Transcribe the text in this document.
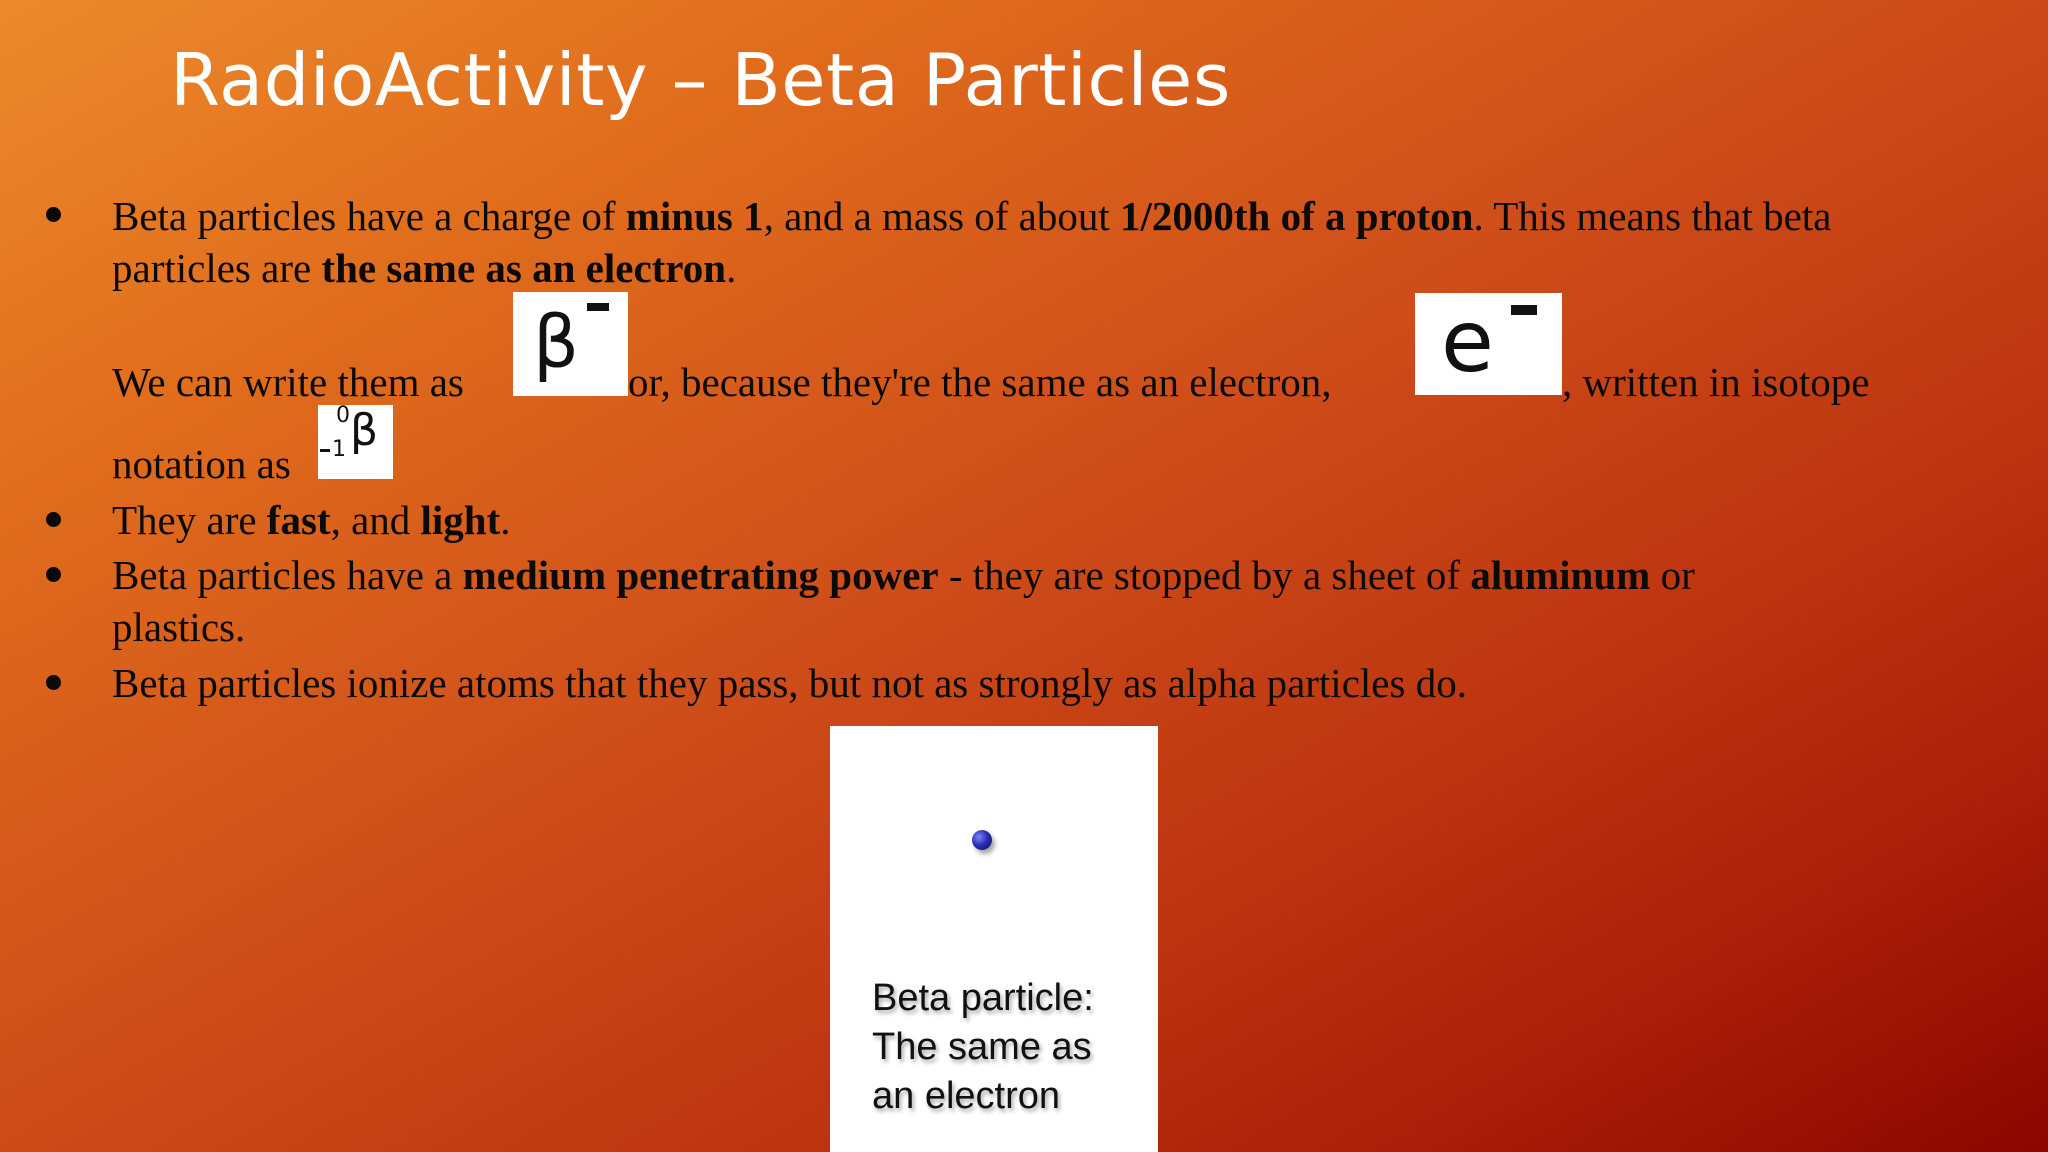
RadioActivity – Beta Particles
Beta particles have a charge of minus 1, and a mass of about 1/2000th of a proton. This means that beta
particles are the same as an electron.
We can write them as β or, because they're the same as an electron, e , written in isotope
notation as
0 β
1
They are fast, and light.
Beta particles have a medium penetrating power - they are stopped by a sheet of aluminum or
plastics.
Beta particles ionize atoms that they pass, but not as strongly as alpha particles do.
Beta particle:
The same as
an electron
